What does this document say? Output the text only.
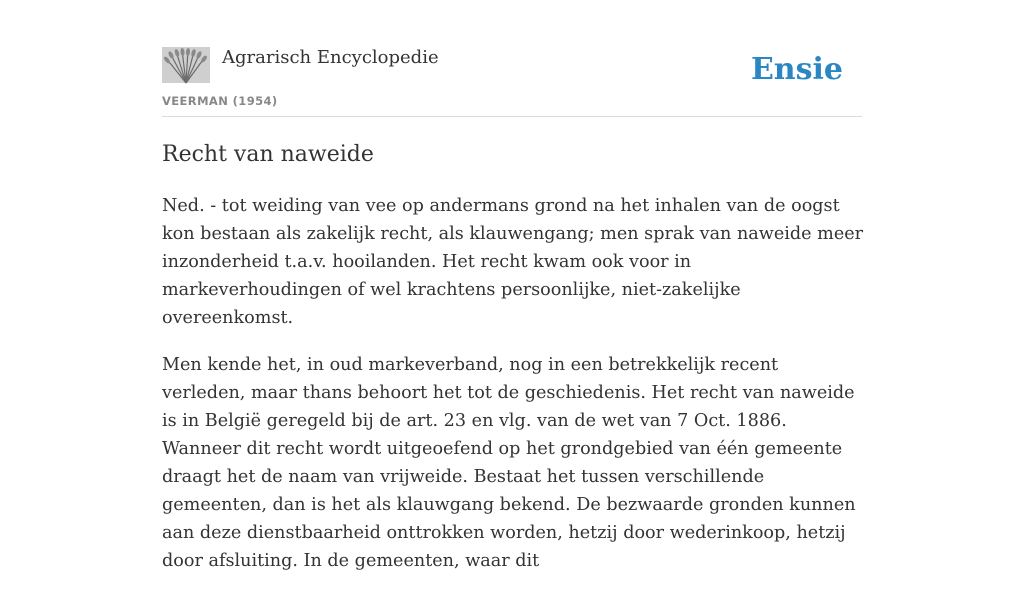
Agrarisch Encyclopedie
VEERMAN (1954)
Ensie
Recht van naweide

Ned. - tot weiding van vee op andermans grond na het inhalen van de oogst kon bestaan als zakelijk recht, als klauwengang; men sprak van naweide meer inzonderheid t.a.v. hooilanden. Het recht kwam ook voor in markeverhoudingen of wel krachtens persoonlijke, niet-zakelijke overeenkomst.

Men kende het, in oud markeverband, nog in een betrekkelijk recent verleden, maar thans behoort het tot de geschiedenis. Het recht van naweide is in België geregeld bij de art. 23 en vlg. van de wet van 7 Oct. 1886. Wanneer dit recht wordt uitgeoefend op het grondgebied van één gemeente draagt het de naam van vrijweide. Bestaat het tussen verschillende gemeenten, dan is het als klauwgang bekend. De bezwaarde gronden kunnen aan deze dienstbaarheid onttrokken worden, hetzij door wederinkoop, hetzij door afsluiting. In de gemeenten, waar dit
